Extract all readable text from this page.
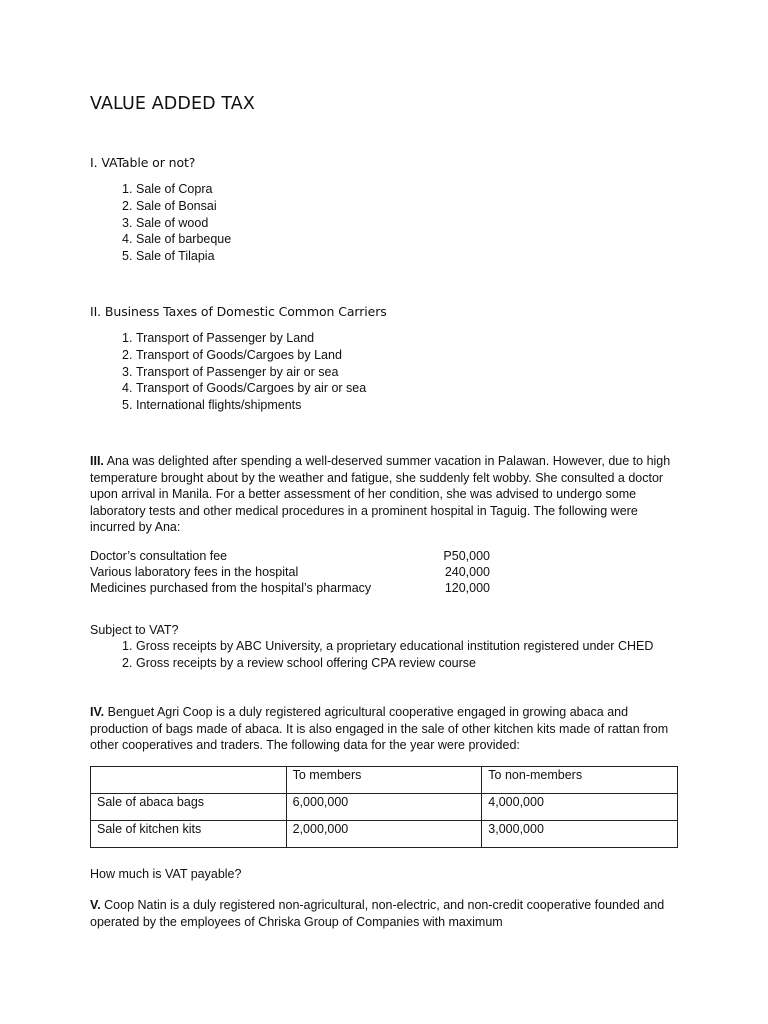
VALUE ADDED TAX
I. VATable or not?
1. Sale of Copra
2. Sale of Bonsai
3. Sale of wood
4. Sale of barbeque
5. Sale of Tilapia
II. Business Taxes of Domestic Common Carriers
1. Transport of Passenger by Land
2. Transport of Goods/Cargoes by Land
3. Transport of Passenger by air or sea
4. Transport of Goods/Cargoes by air or sea
5. International flights/shipments

III. Ana was delighted after spending a well-deserved summer vacation in Palawan. However, due to high temperature brought about by the weather and fatigue, she suddenly felt wobby. She consulted a doctor upon arrival in Manila. For a better assessment of her condition, she was advised to undergo some laboratory tests and other medical procedures in a prominent hospital in Taguig. The following were incurred by Ana:

Doctor’s consultation fee	P50,000
Various laboratory fees in the hospital	240,000
Medicines purchased from the hospital’s pharmacy	120,000
Subject to VAT?
1. Gross receipts by ABC University, a proprietary educational institution registered under CHED
2. Gross receipts by a review school offering CPA review course

IV. Benguet Agri Coop is a duly registered agricultural cooperative engaged in growing abaca and production of bags made of abaca. It is also engaged in the sale of other kitchen kits made of rattan from other cooperatives and traders. The following data for the year were provided:

	To members	To non-members
Sale of abaca bags	6,000,000	4,000,000
Sale of kitchen kits	2,000,000	3,000,000
How much is VAT payable?

V. Coop Natin is a duly registered non-agricultural, non-electric, and non-credit cooperative founded and operated by the employees of Chriska Group of Companies with maximum
